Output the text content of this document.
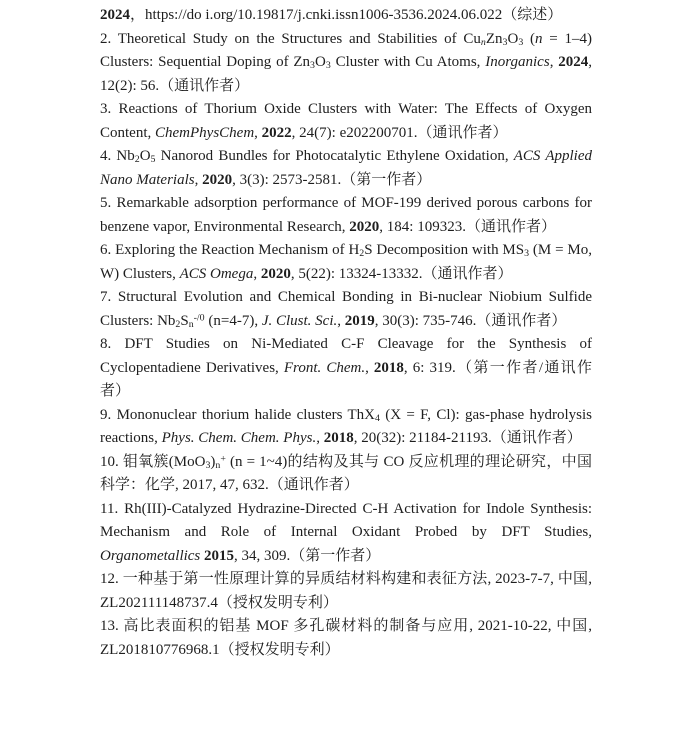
2024，https://do i.org/10.19817/j.cnki.issn1006-3536.2024.06.022（综述）

2. Theoretical Study on the Structures and Stabilities of $Cu_nZn_3O_3$ (n = 1–4) Clusters: Sequential Doping of $Zn_3O_3$ Cluster with Cu Atoms, Inorganics, 2024, 12(2): 56.（通讯作者）

3. Reactions of Thorium Oxide Clusters with Water: The Effects of Oxygen Content, ChemPhysChem, 2022, 24(7): e202200701.（通讯作者）

4. $Nb_2O_5$ Nanorod Bundles for Photocatalytic Ethylene Oxidation, ACS Applied Nano Materials, 2020, 3(3): 2573-2581.（第一作者）

5. Remarkable adsorption performance of MOF-199 derived porous carbons for benzene vapor, Environmental Research, 2020, 184: 109323.（通讯作者）

6. Exploring the Reaction Mechanism of $H_2S$ Decomposition with $MS_3$ (M = Mo, W) Clusters, ACS Omega, 2020, 5(22): 13324-13332.（通讯作者）

7. Structural Evolution and Chemical Bonding in Bi-nuclear Niobium Sulfide Clusters: $Nb_2S_n^{-/0}$ (n=4-7), J. Clust. Sci., 2019, 30(3): 735-746.（通讯作者）

8. DFT Studies on Ni-Mediated C-F Cleavage for the Synthesis of Cyclopentadiene Derivatives, Front. Chem., 2018, 6: 319.（第一作者/通讯作者）

9. Mononuclear thorium halide clusters ThX$_4$ (X = F, Cl): gas-phase hydrolysis reactions, Phys. Chem. Chem. Phys., 2018, 20(32): 21184-21193.（通讯作者）

10. 钼氧簇$(MoO_3)_n^+$ (n = 1~4)的结构及其与 CO 反应机理的理论研究，中国科学：化学, 2017, 47, 632.（通讯作者）

11. Rh(III)-Catalyzed Hydrazine-Directed C-H Activation for Indole Synthesis: Mechanism and Role of Internal Oxidant Probed by DFT Studies, Organometallics 2015, 34, 309.（第一作者）

12. 一种基于第一性原理计算的异质结材料构建和表征方法, 2023-7-7, 中国, ZL202111148737.4（授权发明专利）

13. 高比表面积的铝基 MOF 多孔碳材料的制备与应用, 2021-10-22, 中国, ZL201810776968.1（授权发明专利）
